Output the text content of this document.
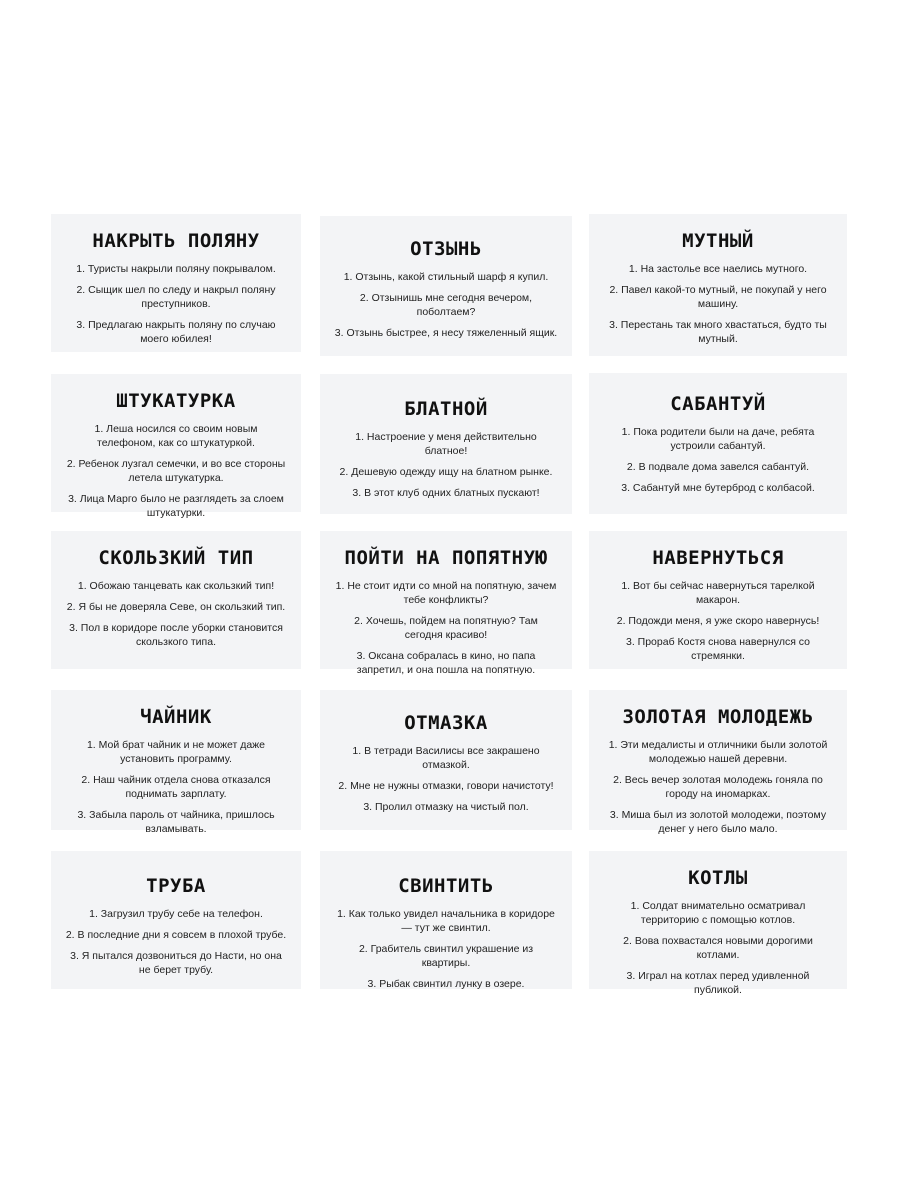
НАКРЫТЬ ПОЛЯНУ
1. Туристы накрыли поляну покрывалом.
2. Сыщик шел по следу и накрыл поляну преступников.
3. Предлагаю накрыть поляну по случаю моего юбилея!
ОТЗЫНЬ
1. Отзынь, какой стильный шарф я купил.
2. Отзынишь мне сегодня вечером, поболтаем?
3. Отзынь быстрее, я несу тяжеленный ящик.
МУТНЫЙ
1. На застолье все наелись мутного.
2. Павел какой-то мутный, не покупай у него машину.
3. Перестань так много хвастаться, будто ты мутный.
ШТУКАТУРКА
1. Леша носился со своим новым телефоном, как со штукатуркой.
2. Ребенок лузгал семечки, и во все стороны летела штукатурка.
3. Лица Марго было не разглядеть за слоем штукатурки.
БЛАТНОЙ
1. Настроение у меня действительно блатное!
2. Дешевую одежду ищу на блатном рынке.
3. В этот клуб одних блатных пускают!
САБАНТУЙ
1. Пока родители были на даче, ребята устроили сабантуй.
2. В подвале дома завелся сабантуй.
3. Сабантуй мне бутерброд с колбасой.
СКОЛЬЗКИЙ ТИП
1. Обожаю танцевать как скользкий тип!
2. Я бы не доверяла Севе, он скользкий тип.
3. Пол в коридоре после уборки становится скользкого типа.
ПОЙТИ НА ПОПЯТНУЮ
1. Не стоит идти со мной на попятную, зачем тебе конфликты?
2. Хочешь, пойдем на попятную? Там сегодня красиво!
3. Оксана собралась в кино, но папа запретил, и она пошла на попятную.
НАВЕРНУТЬСЯ
1. Вот бы сейчас навернуться тарелкой макарон.
2. Подожди меня, я уже скоро навернусь!
3. Прораб Костя снова навернулся со стремянки.
ЧАЙНИК
1. Мой брат чайник и не может даже установить программу.
2. Наш чайник отдела снова отказался поднимать зарплату.
3. Забыла пароль от чайника, пришлось взламывать.
ОТМАЗКА
1. В тетради Василисы все закрашено отмазкой.
2. Мне не нужны отмазки, говори начистоту!
3. Пролил отмазку на чистый пол.
ЗОЛОТАЯ МОЛОДЕЖЬ
1. Эти медалисты и отличники были золотой молодежью нашей деревни.
2. Весь вечер золотая молодежь гоняла по городу на иномарках.
3. Миша был из золотой молодежи, поэтому денег у него было мало.
ТРУБА
1. Загрузил трубу себе на телефон.
2. В последние дни я совсем в плохой трубе.
3. Я пытался дозвониться до Насти, но она не берет трубу.
СВИНТИТЬ
1. Как только увидел начальника в коридоре — тут же свинтил.
2. Грабитель свинтил украшение из квартиры.
3. Рыбак свинтил лунку в озере.
КОТЛЫ
1. Солдат внимательно осматривал территорию с помощью котлов.
2. Вова похвастался новыми дорогими котлами.
3. Играл на котлах перед удивленной публикой.
